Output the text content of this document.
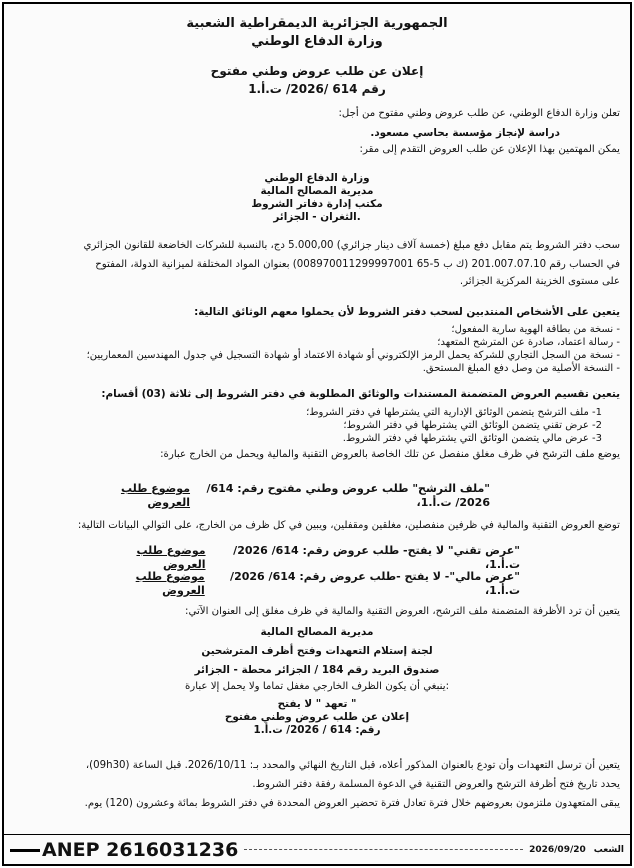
الجمهورية الجزائرية الديمقراطية الشعبية
وزارة الدفاع الوطني
إعلان عن طلب عروض وطني مفتوح
رقم 614 /2026/ ت.أ.1
تعلن وزارة الدفاع الوطني، عن طلب عروض وطني مفتوح من أجل:
دراسة لإنجاز مؤسسة بحاسي مسعود.
يمكن المهتمين بهذا الإعلان عن طلب العروض التقدم إلى مقر:
وزارة الدفاع الوطني
مديرية المصالح المالية
مكتب إدارة دفاتر الشروط
الثغران - الجزائر.
سحب دفتر الشروط يتم مقابل دفع مبلغ (خمسة آلاف دينار جزائري) 5.000,00 دج، بالنسبة للشركات الخاضعة للقانون الجزائري
في الحساب رقم 201.007.07.10 (ك ب 5-65 008970011299997001) بعنوان المواد المختلفة لميزانية الدولة، المفتوح
على مستوى الخزينة المركزية الجزائر.
يتعين على الأشخاص المنتدبين لسحب دفتر الشروط لأن يحملوا معهم الوثائق التالية:
- نسخة من بطاقة الهوية سارية المفعول؛
- رسالة اعتماد، صادرة عن المترشح المتعهد؛
- نسخة من السجل التجاري للشركة يحمل الرمز الإلكتروني أو شهادة الاعتماد أو شهادة التسجيل في جدول المهندسين المعماريين؛
- النسخة الأصلية من وصل دفع المبلغ المستحق.
يتعين تقسيم العروض المتضمنة المستندات والوثائق المطلوبة في دفتر الشروط إلى ثلاثة (03) أقسام:
1- ملف الترشح يتضمن الوثائق الإدارية التي يشترطها في دفتر الشروط؛
2- عرض تقني يتضمن الوثائق التي يشترطها في دفتر الشروط؛
3- عرض مالي يتضمن الوثائق التي يشترطها في دفتر الشروط.
يوضع ملف الترشح في ظرف مغلق منفصل عن تلك الخاصة بالعروض التقنية والمالية ويحمل من الخارج عبارة:
"ملف الترشح" طلب عروض وطني مفتوح رقم: 614/ 2026/ ت.أ.1،
موضوع طلب العروض
توضع العروض التقنية والمالية في ظرفين منفصلين، مغلقين ومقفلين، ويبين في كل ظرف من الخارج، على التوالي البيانات التالية:
"عرض تقني" لا يفتح- طلب عروض رقم: 614/ 2026/ ت.أ.1،
موضوع طلب العروض
"عرض مالي"- لا يفتح -طلب عروض رقم: 614/ 2026/ ت.أ.1،
موضوع طلب العروض
يتعين أن ترد الأظرفة المتضمنة ملف الترشح، العروض التقنية والمالية في ظرف مغلق إلى العنوان الآتي:
مديرية المصالح المالية
لجنة إستلام التعهدات وفتح أظرف المترشحين
صندوق البريد رقم 184 / الجزائر محطة - الجزائر
ينبغي أن يكون الظرف الخارجي مغفل تماما ولا يحمل إلا عبارة:
تعهد " لا يفتح "
إعلان عن طلب عروض وطني مفتوح
رقم: 614 / 2026/ ت.أ.1
يتعين أن ترسل التعهدات وأن تودع بالعنوان المذكور أعلاه، قبل التاريخ النهائي والمحدد بـ: 2026/10/11. قبل الساعة (09h30)،
يحدد تاريخ فتح أظرفة الترشح والعروض التقنية في الدعوة المسلمة رفقة دفتر الشروط.
يبقى المتعهدون ملتزمون بعروضهم خلال فترة تعادل فترة تحضير العروض المحددة في دفتر الشروط بمائة وعشرون (120) يوم.
ANEP 2616031236	2026/09/20 الشعب
